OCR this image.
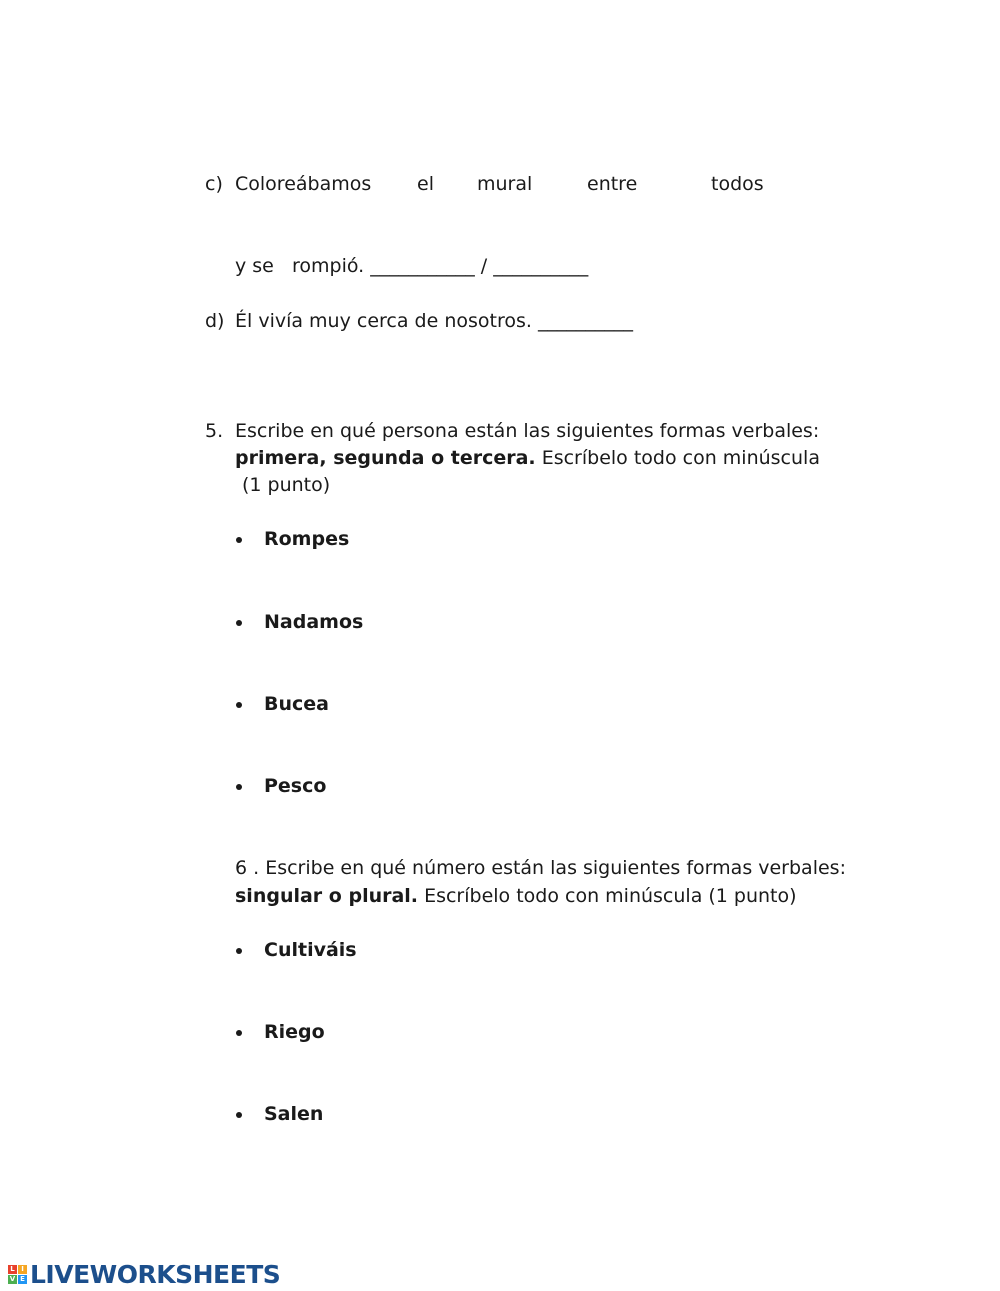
c) Coloreábamos el mural	entre	todos
y se   rompió. ___________ / __________
d) Él vivía muy cerca de nosotros. __________
5. Escribe en qué persona están las siguientes formas verbales:
primera, segunda o tercera. Escríbelo todo con minúscula
(1 punto)
Rompes
Nadamos
Bucea
Pesco
6 . Escribe en qué número están las siguientes formas verbales:
singular o plural. Escríbelo todo con minúscula (1 punto)
Cultiváis
Riego
Salen
L I
V E LIVEWORKSHEETS
